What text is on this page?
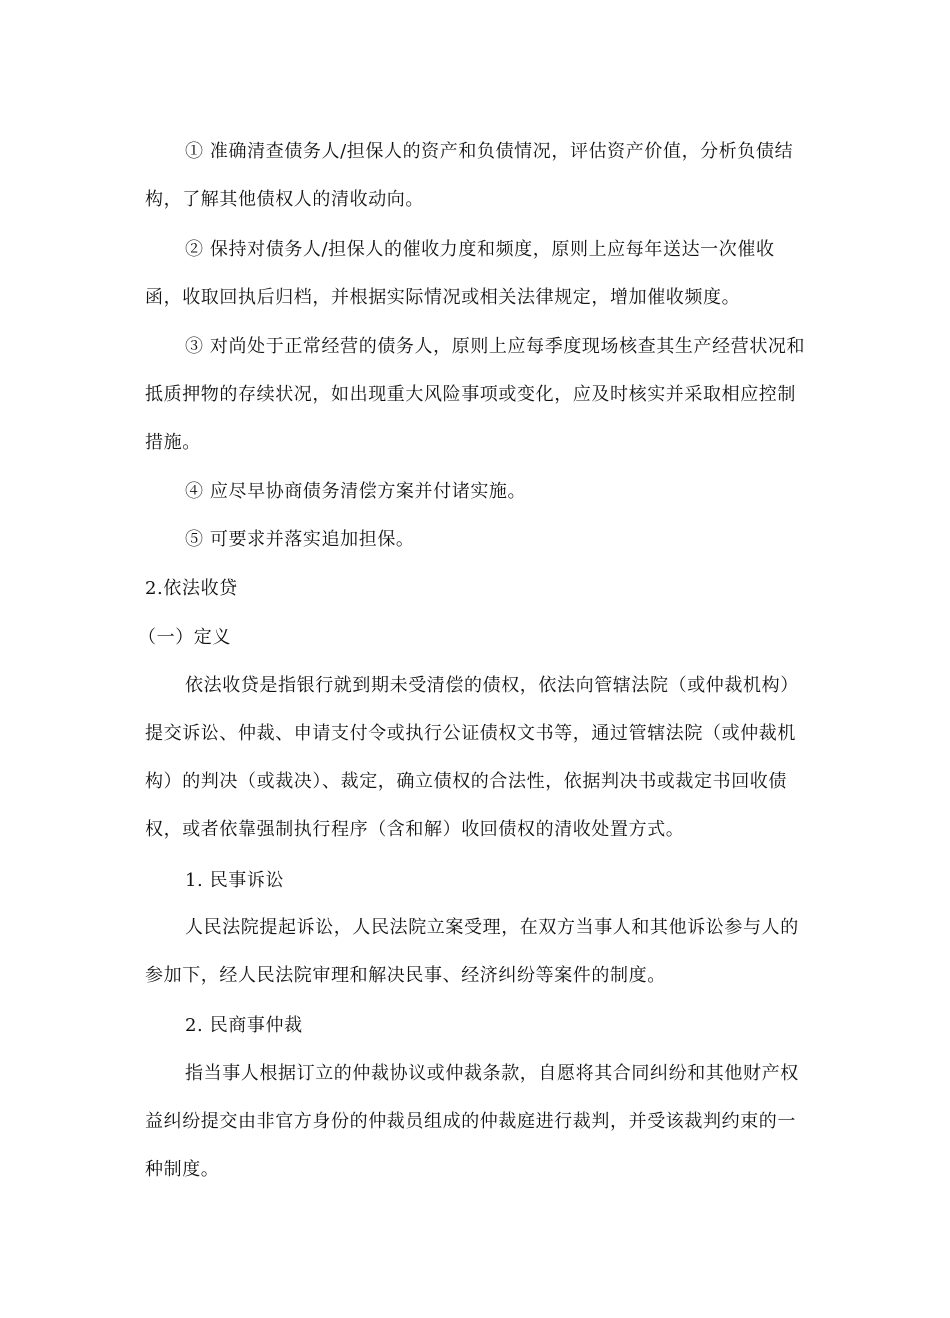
① 准确清查债务人/担保人的资产和负债情况，评估资产价值，分析负债结构，了解其他债权人的清收动向。

② 保持对债务人/担保人的催收力度和频度，原则上应每年送达一次催收函，收取回执后归档，并根据实际情况或相关法律规定，增加催收频度。

③ 对尚处于正常经营的债务人，原则上应每季度现场核查其生产经营状况和抵质押物的存续状况，如出现重大风险事项或变化，应及时核实并采取相应控制措施。

④ 应尽早协商债务清偿方案并付诸实施。

⑤ 可要求并落实追加担保。

2.依法收贷

（一）定义

依法收贷是指银行就到期未受清偿的债权，依法向管辖法院（或仲裁机构）提交诉讼、仲裁、申请支付令或执行公证债权文书等，通过管辖法院（或仲裁机构）的判决（或裁决）、裁定，确立债权的合法性，依据判决书或裁定书回收债权，或者依靠强制执行程序（含和解）收回债权的清收处置方式。

1. 民事诉讼

人民法院提起诉讼，人民法院立案受理，在双方当事人和其他诉讼参与人的参加下，经人民法院审理和解决民事、经济纠纷等案件的制度。

2. 民商事仲裁

指当事人根据订立的仲裁协议或仲裁条款，自愿将其合同纠纷和其他财产权益纠纷提交由非官方身份的仲裁员组成的仲裁庭进行裁判，并受该裁判约束的一种制度。
